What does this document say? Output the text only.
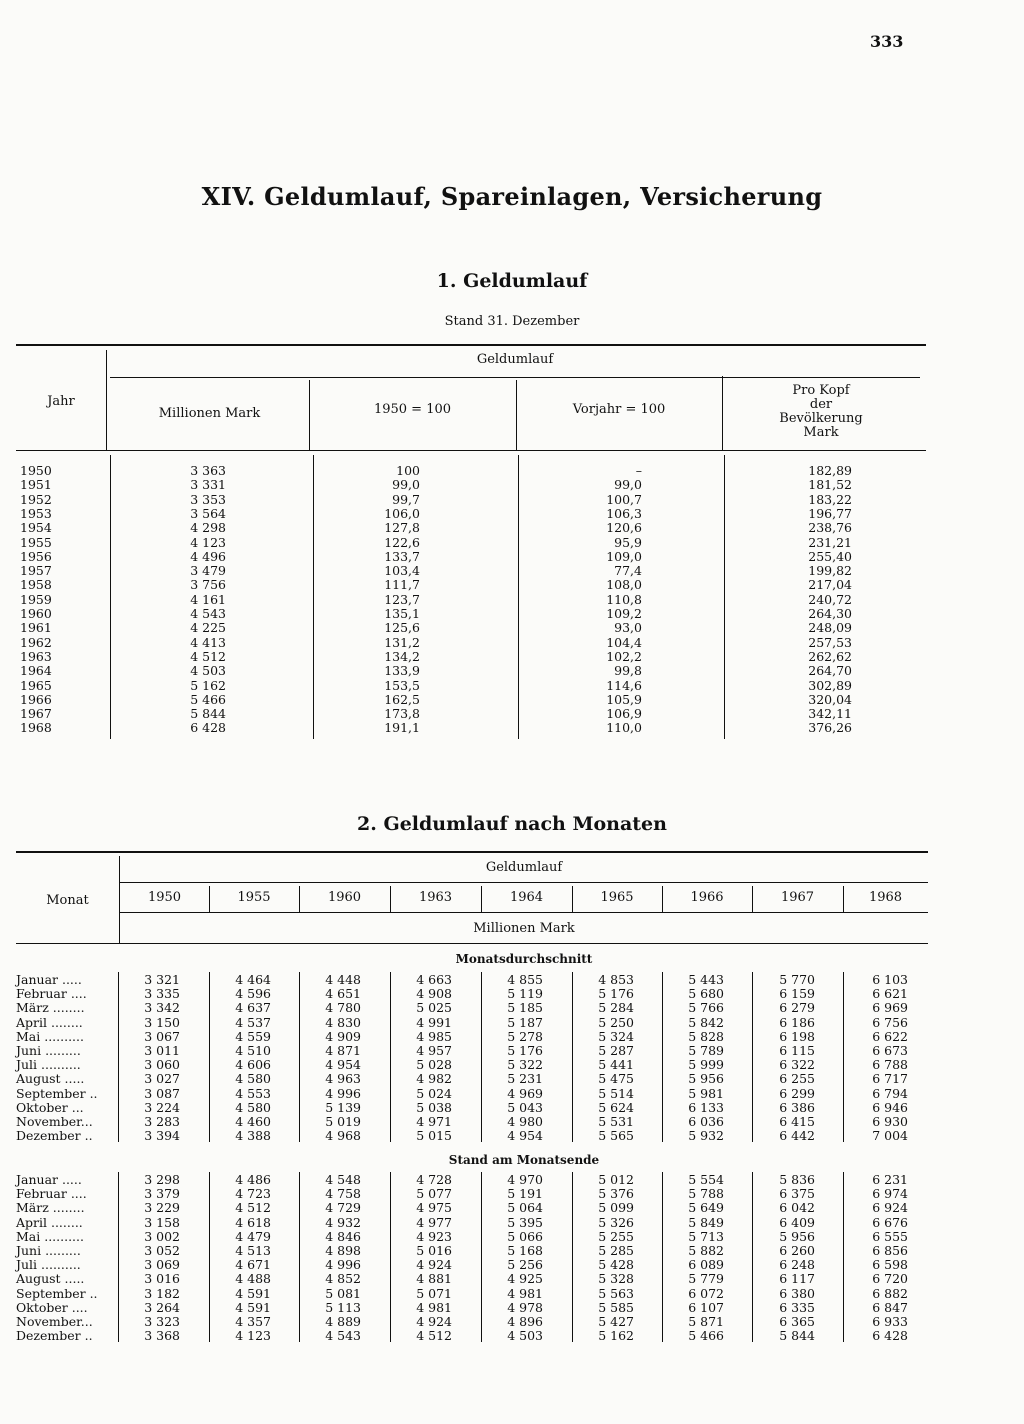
333
XIV. Geldumlauf, Spareinlagen, Versicherung
1. Geldumlauf
Stand 31. Dezember
Jahr
Geldumlauf
Millionen Mark	1950 = 100	Vorjahr = 100
Pro Kopf
der
Bevölkerung
Mark
1950	3 363	100	–	182,89
1951	3 331	99,0	99,0	181,52
1952	3 353	99,7	100,7	183,22
1953	3 564	106,0	106,3	196,77
1954	4 298	127,8	120,6	238,76
1955	4 123	122,6	95,9	231,21
1956	4 496	133,7	109,0	255,40
1957	3 479	103,4	77,4	199,82
1958	3 756	111,7	108,0	217,04
1959	4 161	123,7	110,8	240,72
1960	4 543	135,1	109,2	264,30
1961	4 225	125,6	93,0	248,09
1962	4 413	131,2	104,4	257,53
1963	4 512	134,2	102,2	262,62
1964	4 503	133,9	99,8	264,70
1965	5 162	153,5	114,6	302,89
1966	5 466	162,5	105,9	320,04
1967	5 844	173,8	106,9	342,11
1968	6 428	191,1	110,0	376,26
2. Geldumlauf nach Monaten
Monat
Geldumlauf
1950	1955	1960	1963	1964	1965	1966	1967	1968
Millionen Mark
Monatsdurchschnitt
Stand am Monatsende
Januar .....	3 321	4 464	4 448	4 663	4 855	4 853	5 443	5 770	6 103
Februar ....	3 335	4 596	4 651	4 908	5 119	5 176	5 680	6 159	6 621
März ........	3 342	4 637	4 780	5 025	5 185	5 284	5 766	6 279	6 969
April ........	3 150	4 537	4 830	4 991	5 187	5 250	5 842	6 186	6 756
Mai ..........	3 067	4 559	4 909	4 985	5 278	5 324	5 828	6 198	6 622
Juni .........	3 011	4 510	4 871	4 957	5 176	5 287	5 789	6 115	6 673
Juli ..........	3 060	4 606	4 954	5 028	5 322	5 441	5 999	6 322	6 788
August .....	3 027	4 580	4 963	4 982	5 231	5 475	5 956	6 255	6 717
September ..	3 087	4 553	4 996	5 024	4 969	5 514	5 981	6 299	6 794
Oktober ...	3 224	4 580	5 139	5 038	5 043	5 624	6 133	6 386	6 946
November...	3 283	4 460	5 019	4 971	4 980	5 531	6 036	6 415	6 930
Dezember ..	3 394	4 388	4 968	5 015	4 954	5 565	5 932	6 442	7 004
Januar .....	3 298	4 486	4 548	4 728	4 970	5 012	5 554	5 836	6 231
Februar ....	3 379	4 723	4 758	5 077	5 191	5 376	5 788	6 375	6 974
März ........	3 229	4 512	4 729	4 975	5 064	5 099	5 649	6 042	6 924
April ........	3 158	4 618	4 932	4 977	5 395	5 326	5 849	6 409	6 676
Mai ..........	3 002	4 479	4 846	4 923	5 066	5 255	5 713	5 956	6 555
Juni .........	3 052	4 513	4 898	5 016	5 168	5 285	5 882	6 260	6 856
Juli ..........	3 069	4 671	4 996	4 924	5 256	5 428	6 089	6 248	6 598
August .....	3 016	4 488	4 852	4 881	4 925	5 328	5 779	6 117	6 720
September ..	3 182	4 591	5 081	5 071	4 981	5 563	6 072	6 380	6 882
Oktober ....	3 264	4 591	5 113	4 981	4 978	5 585	6 107	6 335	6 847
November...	3 323	4 357	4 889	4 924	4 896	5 427	5 871	6 365	6 933
Dezember ..	3 368	4 123	4 543	4 512	4 503	5 162	5 466	5 844	6 428
